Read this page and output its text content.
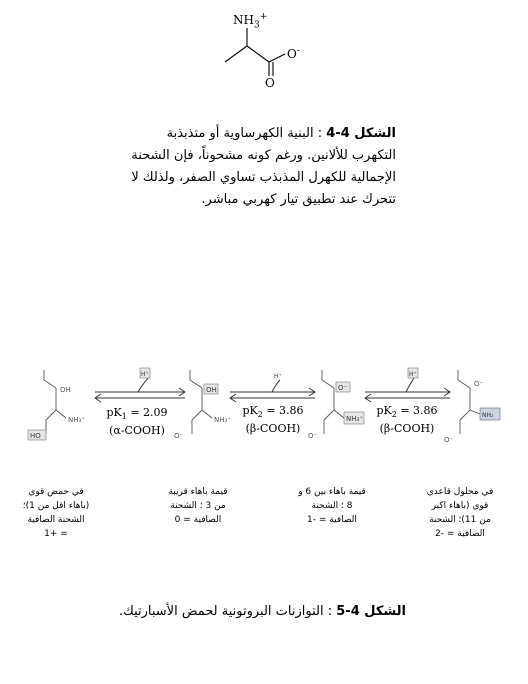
$NH_3^+$
O-
O
الشكل 4-4 : البنية الكهرساوية أو متذبذبة التكهرب للألانين. ورغم كونه مشحوناً، فإن الشحنة الإجمالية للكهرل المذبذب تساوي الصفر، ولذلك لا تتحرك عند تطبيق تيار كهربي مباشر.
OH
NH₃⁺
HO
H⁺
OH
NH₃⁺
O⁻
H⁺
O⁻
NH₃⁺
O⁻
H⁺
O⁻
NH₂
O⁻
$pK_1 = 2.09$
(α-COOH)
$pK_2 = 3.86$
(β-COOH)
$pK_2 = 3.86$
(β-COOH)
في حمض قوي
(باهاء اقل من 1)؛
الشحنة الصافية
= +1
قيمة باهاء قريبة
من 3 ؛ الشحنة
الصافية = 0
قيمة باهاء بين 6 و
8 ؛ الشحنة
الصافية = -1
في محلول قاعدي
قوي (باهاء اكبر
من 11)؛ الشحنة
الصافية = -2
الشكل 4-5 : التوازنات البروتونية لحمض الأسبارتيك.
